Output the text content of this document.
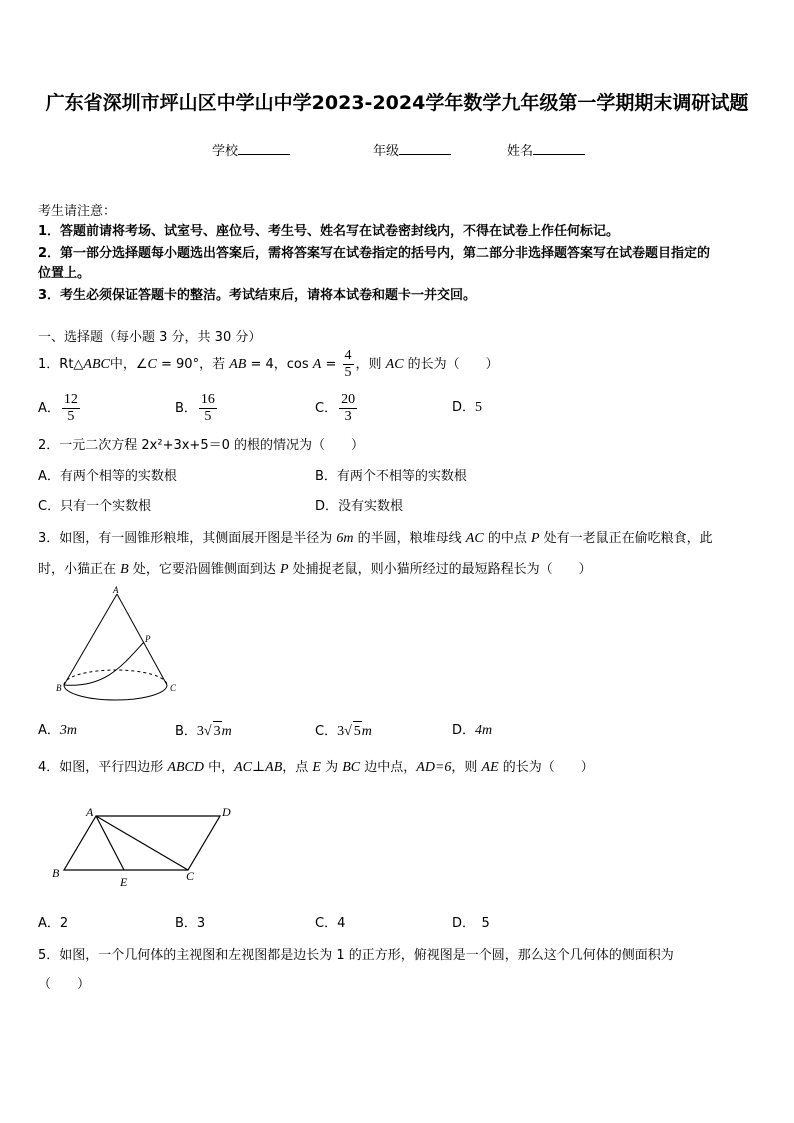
广东省深圳市坪山区中学山中学2023-2024学年数学九年级第一学期期末调研试题
学校	年级	姓名
考生请注意：
1．答题前请将考场、试室号、座位号、考生号、姓名写在试卷密封线内，不得在试卷上作任何标记。
2．第一部分选择题每小题选出答案后，需将答案写在试卷指定的括号内，第二部分非选择题答案写在试卷题目指定的
位置上。
3．考生必须保证答题卡的整洁。考试结束后，请将本试卷和题卡一并交回。
一、选择题（每小题 3 分，共 30 分）
1．Rt△ABC中，∠C = 90°，若 AB = 4，$\cos A = \frac{4}{5}$ ，则 AC 的长为（　　）
A． $\frac{12}{5}$	B． $\frac{16}{5}$	C． $\frac{20}{3}$	D．5
2．一元二次方程 2x²+3x+5＝0 的根的情况为（　　）
A．有两个相等的实数根	B．有两个不相等的实数根
C．只有一个实数根	D．没有实数根
3．如图，有一圆锥形粮堆，其侧面展开图是半径为 6m 的半圆，粮堆母线 AC 的中点 P 处有一老鼠正在偷吃粮食，此
时，小猫正在 B 处，它要沿圆锥侧面到达 P 处捕捉老鼠，则小猫所经过的最短路程长为（　　）
A
P
B	C
A．3m	B．3√ 3m	C．3√ 5m	D．4m
4．如图，平行四边形 ABCD 中，AC⊥AB，点 E 为 BC 边中点，AD=6，则 AE 的长为（　　）
A	D
B
E	C
A．2	B．3	C．4	D．　5
5．如图，一个几何体的主视图和左视图都是边长为 1 的正方形，俯视图是一个圆，那么这个几何体的侧面积为
（　　）
